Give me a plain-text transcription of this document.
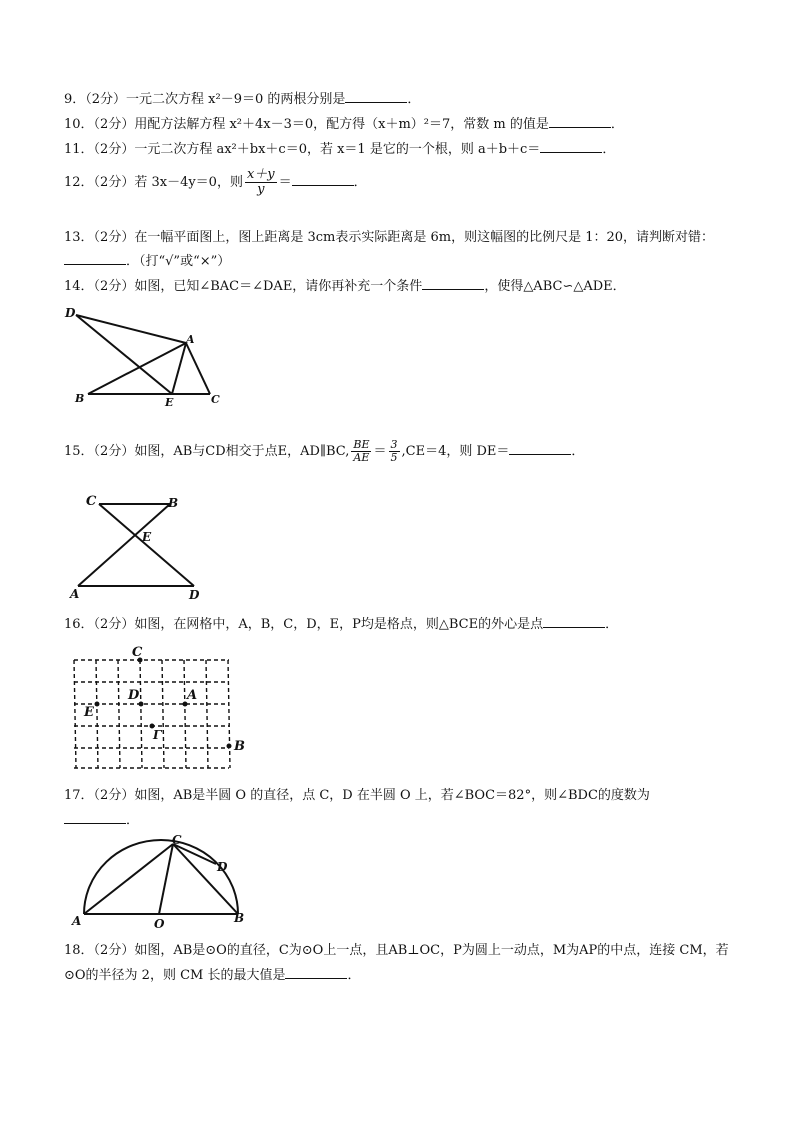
9．（2分）一元二次方程 x²－9＝0 的两根分别是	．
10．（2分）用配方法解方程 x²＋4x－3＝0，配方得（x＋m）²＝7，常数 m 的值是	．
11．（2分）一元二次方程 ax²＋bx＋c＝0，若 x＝1 是它的一个根，则 a＋b＋c＝	．
12．（2分）若 3x－4y＝0，则 $\frac{x+y}{y}$ ＝	．
13．（2分）在一幅平面图上，图上距离是 3cm表示实际距离是 6m，则这幅图的比例尺是 1：20，请判断对错：
．（打“√”或“×”）
14．（2分）如图，已知∠BAC＝∠DAE，请你再补充一个条件	，使得△ABC∽△ADE．
D
A
B	E	C
15．（2分）如图，AB与CD相交于点E，AD∥BC, $\frac{BE}{AE} = \frac{3}{5} ,CE=4$，则 DE＝	．
C	B
E
A	D
16．（2分）如图，在网格中，A，B，C，D，E，P均是格点，则△BCE的外心是点	．
C
D	A
E
Γ
B
17．（2分）如图，AB是半圆 O 的直径，点 C，D 在半圆 O 上，若∠BOC＝82°，则∠BDC的度数为
．
C
D
A	O	B
18．（2分）如图，AB是⊙O的直径，C为⊙O上一点，且AB⊥OC，P为圆上一动点，M为AP的中点，连接 CM，若⊙O的半径为 2，则 CM 长的最大值是	．
